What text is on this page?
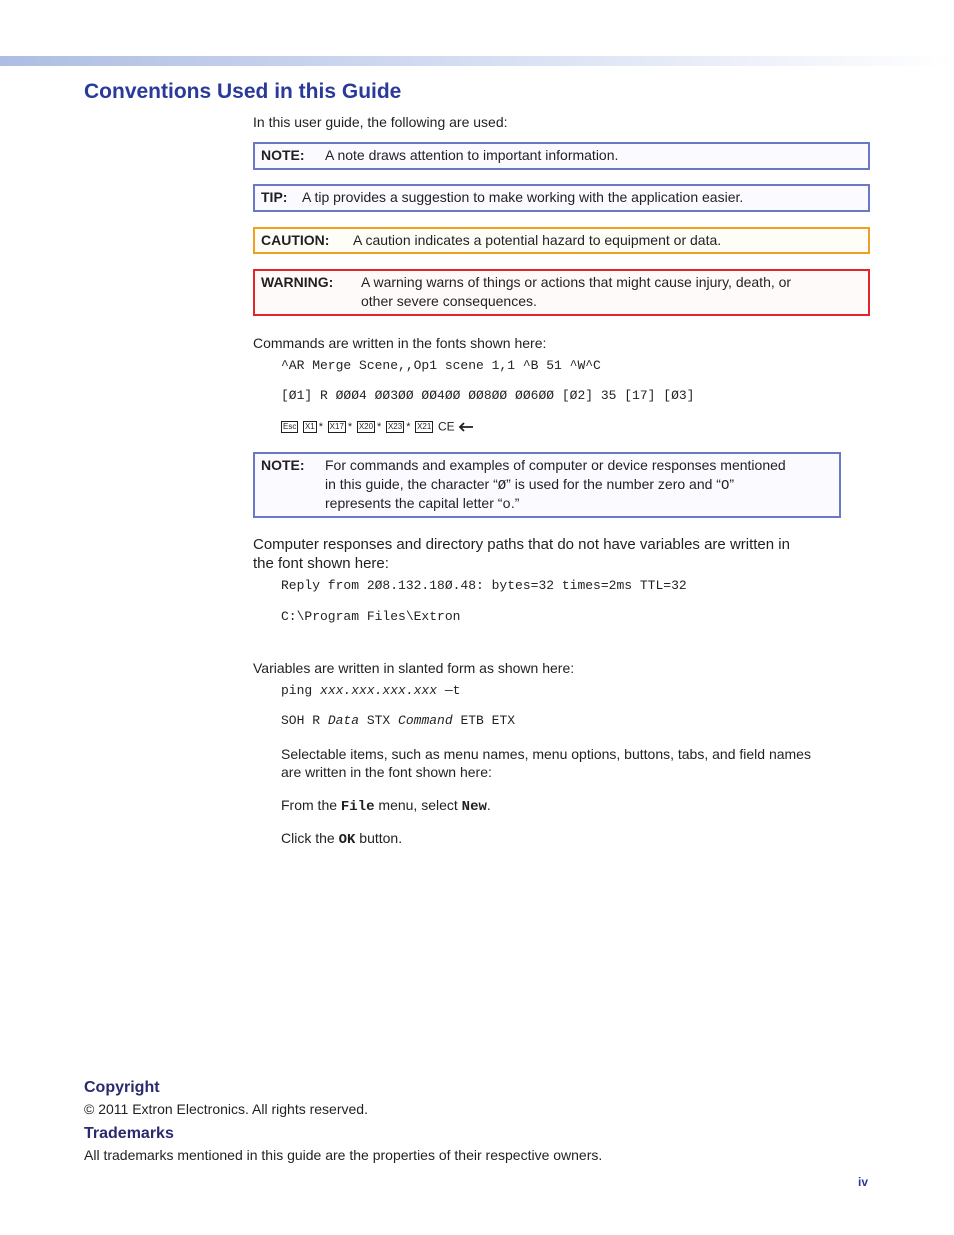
Conventions Used in this Guide

In this user guide, the following are used:

NOTE: A note draws attention to important information.
TIP: A tip provides a suggestion to make working with the application easier.
CAUTION: A caution indicates a potential hazard to equipment or data.
WARNING: A warning warns of things or actions that might cause injury, death, or
other severe consequences.

Commands are written in the fonts shown here:

^AR Merge Scene,,Op1 scene 1,1 ^B 51 ^W^C
[Ø1] R ØØØ4 ØØ3ØØ ØØ4ØØ ØØ8ØØ ØØ6ØØ [Ø2] 35 [17] [Ø3]
Esc X1 * X17 * X20 * X23 * X21 CE
NOTE: For commands and examples of computer or device responses mentioned
in this guide, the character “Ø” is used for the number zero and “O”
represents the capital letter “o.”

Computer responses and directory paths that do not have variables are written in

the font shown here:

Reply from 2Ø8.132.18Ø.48: bytes=32 times=2ms TTL=32
C:\Program Files\Extron

Variables are written in slanted form as shown here:

ping xxx.xxx.xxx.xxx —t
SOH R Data STX Command ETB ETX

Selectable items, such as menu names, menu options, buttons, tabs, and field names

are written in the font shown here:

From the File menu, select New.

Click the OK button.

Copyright

© 2011 Extron Electronics. All rights reserved.

Trademarks

All trademarks mentioned in this guide are the properties of their respective owners.

iv
